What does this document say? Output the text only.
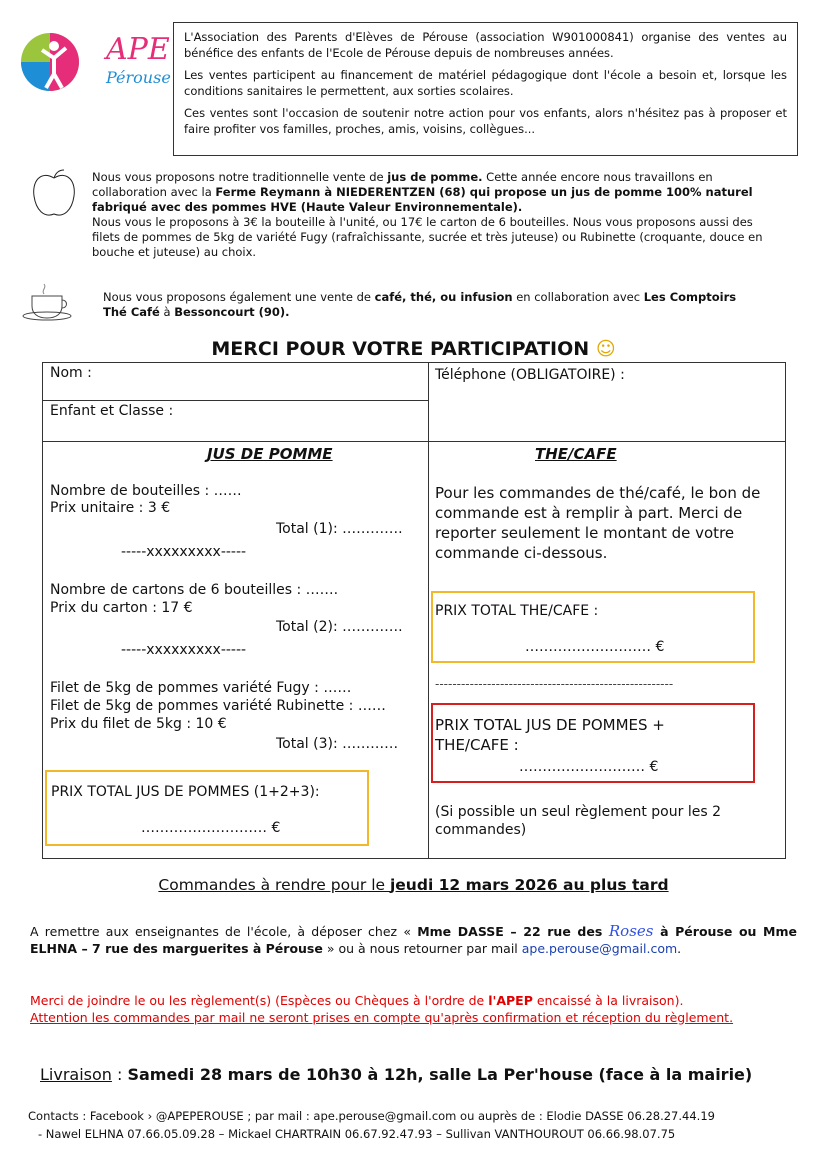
APE
Pérouse

L'Association des Parents d'Elèves de Pérouse (association W901000841) organise des ventes au bénéfice des enfants de l'Ecole de Pérouse depuis de nombreuses années.

Les ventes participent au financement de matériel pédagogique dont l'école a besoin et, lorsque les conditions sanitaires le permettent, aux sorties scolaires.

Ces ventes sont l'occasion de soutenir notre action pour vos enfants, alors n'hésitez pas à proposer et faire profiter vos familles, proches, amis, voisins, collègues...

Nous vous proposons notre traditionnelle vente de jus de pomme. Cette année encore nous travaillons en collaboration avec la Ferme Reymann à NIEDERENTZEN (68) qui propose un jus de pomme 100% naturel fabriqué avec des pommes HVE (Haute Valeur Environnementale).
Nous vous le proposons à 3€ la bouteille à l'unité, ou 17€ le carton de 6 bouteilles. Nous vous proposons aussi des filets de pommes de 5kg de variété Fugy (rafraîchissante, sucrée et très juteuse) ou Rubinette (croquante, douce en bouche et juteuse) au choix.
Nous vous proposons également une vente de café, thé, ou infusion en collaboration avec Les Comptoirs Thé Café à Bessoncourt (90).
MERCI POUR VOTRE PARTICIPATION ☺
Nom :	Téléphone (OBLIGATOIRE) :
Enfant et Classe :
JUS DE POMME	THE/CAFE
Nombre de bouteilles : ……
Prix unitaire : 3 €
Total (1): ………….
-----xxxxxxxxx-----
Nombre de cartons de 6 bouteilles : …….
Prix du carton : 17 €
Total (2): ………….
-----xxxxxxxxx-----
Filet de 5kg de pommes variété Fugy : ……
Filet de 5kg de pommes variété Rubinette : ……
Prix du filet de 5kg : 10 €
Total (3): …………
PRIX TOTAL JUS DE POMMES (1+2+3):
……………………… €
Pour les commandes de thé/café, le bon de commande est à remplir à part. Merci de reporter seulement le montant de votre commande ci-dessous.
PRIX TOTAL THE/CAFE :
……………………… €
-------------------------------------------------------
PRIX TOTAL JUS DE POMMES + THE/CAFE :
……………………… €
(Si possible un seul règlement pour les 2 commandes)
Commandes à rendre pour le jeudi 12 mars 2026 au plus tard
A remettre aux enseignantes de l'école, à déposer chez « Mme DASSE – 22 rue des Roses à Pérouse ou Mme ELHNA – 7 rue des marguerites à Pérouse » ou à nous retourner par mail ape.perouse@gmail.com.
Merci de joindre le ou les règlement(s) (Espèces ou Chèques à l'ordre de l'APEP encaissé à la livraison).
Attention les commandes par mail ne seront prises en compte qu'après confirmation et réception du règlement.
Livraison : Samedi 28 mars de 10h30 à 12h, salle La Per'house (face à la mairie)
Contacts : Facebook › @APEPEROUSE ; par mail : ape.perouse@gmail.com ou auprès de : Elodie DASSE 06.28.27.44.19
- Nawel ELHNA 07.66.05.09.28 – Mickael CHARTRAIN 06.67.92.47.93 – Sullivan VANTHOUROUT 06.66.98.07.75
